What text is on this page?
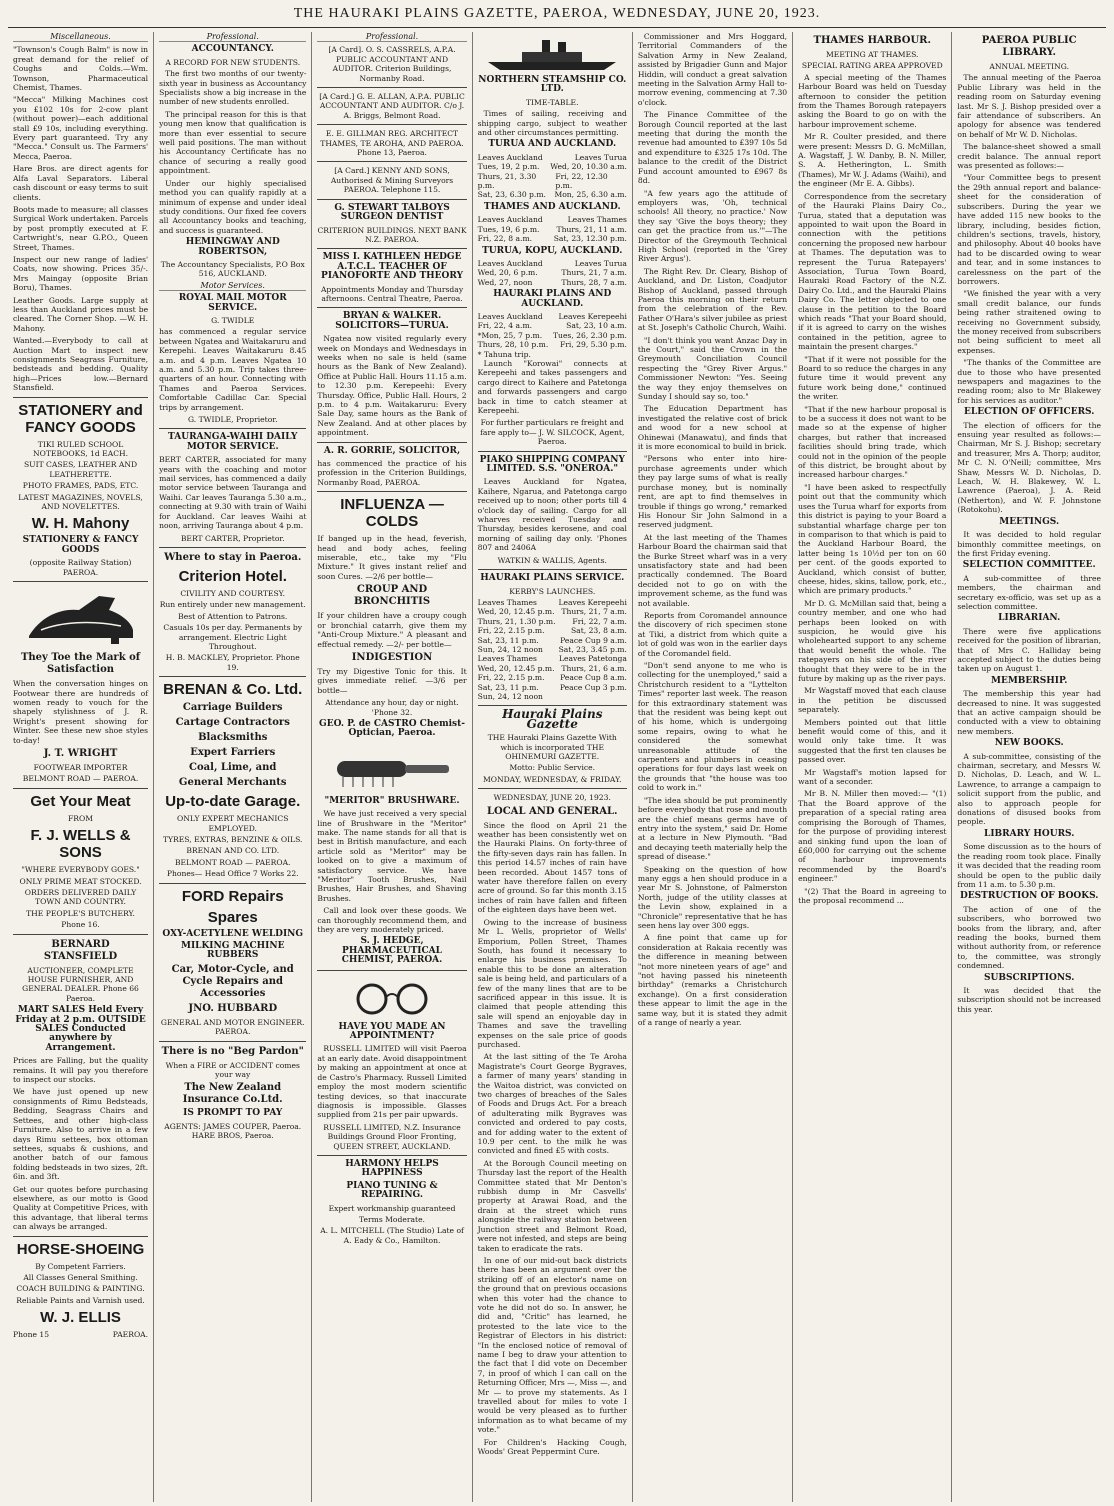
THE HAURAKI PLAINS GAZETTE, PAEROA, WEDNESDAY, JUNE 20, 1923.
Miscellaneous.

"Townson's Cough Balm" is now in great demand for the relief of Coughs and Colds.—Wm. Townson, Pharmaceutical Chemist, Thames.

"Mecca" Milking Machines cost you £102 10s for 2-cow plant (without power)—each additional stall £9 10s, including everything. Every part guaranteed. Try any "Mecca." Consult us. The Farmers' Mecca, Paeroa.

Hare Bros. are direct agents for Alfa Laval Separators. Liberal cash discount or easy terms to suit clients.

Boots made to measure; all classes Surgical Work undertaken. Parcels by post promptly executed at F. Cartwright's, near G.P.O., Queen Street, Thames.

Inspect our new range of ladies' Coats, now showing. Prices 35/-. Mrs Maingay (opposite Brian Boru), Thames.

Leather Goods. Large supply at less than Auckland prices must be cleared. The Corner Shop. —W. H. Mahony.

Wanted.—Everybody to call at Auction Mart to inspect new consignments Seagrass Furniture, bedsteads and bedding. Quality high—Prices low.—Bernard Stansfield.

STATIONERY and FANCY GOODS
TIKI RULED SCHOOL NOTEBOOKS, 1d EACH.
SUIT CASES, LEATHER AND LEATHERETTE.
PHOTO FRAMES, PADS, ETC.
LATEST MAGAZINES, NOVELS, AND NOVELETTES.
W. H. Mahony
STATIONERY & FANCY GOODS
(opposite Railway Station) PAEROA.
They Toe the Mark of Satisfaction

When the conversation hinges on Footwear there are hundreds of women ready to vouch for the shapely stylishness of J. R. Wright's present showing for Winter. See these new shoe styles to-day!

J. T. WRIGHT
FOOTWEAR IMPORTER
BELMONT ROAD — PAEROA.
Get Your Meat
FROM
F. J. WELLS & SONS
"WHERE EVERYBODY GOES."
ONLY PRIME MEAT STOCKED.
ORDERS DELIVERED DAILY TOWN AND COUNTRY.
THE PEOPLE'S BUTCHERY.
Phone 16.
BERNARD STANSFIELD
AUCTIONEER, COMPLETE HOUSE FURNISHER, AND GENERAL DEALER. Phone 66 Paeroa.
MART SALES Held Every Friday at 2 p.m. OUTSIDE SALES Conducted anywhere by Arrangement.

Prices are Falling, but the quality remains. It will pay you therefore to inspect our stocks.

We have just opened up new consignments of Rimu Bedsteads, Bedding, Seagrass Chairs and Settees, and other high-class Furniture. Also to arrive in a few days Rimu settees, box ottoman settees, squabs & cushions, and another batch of our famous folding bedsteads in two sizes, 2ft. 6in. and 3ft.

Get our quotes before purchasing elsewhere, as our motto is Good Quality at Competitive Prices, with this advantage, that liberal terms can always be arranged.

HORSE-SHOEING
By Competent Farriers.
All Classes General Smithing.
COACH BUILDING & PAINTING.
Reliable Paints and Varnish used.
W. J. ELLIS
Phone 15	PAEROA.
Professional.
ACCOUNTANCY.
A RECORD FOR NEW STUDENTS.

The first two months of our twenty-sixth year in business as Accountancy Specialists show a big increase in the number of new students enrolled.

The principal reason for this is that young men know that qualification is more than ever essential to secure well paid positions. The man without his Accountancy Certificate has no chance of securing a really good appointment.

Under our highly specialised method you can qualify rapidly at a minimum of expense and under ideal study conditions. Our fixed fee covers all Accountancy books and teaching, and success is guaranteed.

HEMINGWAY AND ROBERTSON,
The Accountancy Specialists, P.O Box 516, AUCKLAND.
Motor Services.
ROYAL MAIL MOTOR SERVICE.
G. TWIDLE

has commenced a regular service between Ngatea and Waitakaruru and Kerepehi. Leaves Waitakaruru 8.45 a.m. and 4 p.m. Leaves Ngatea 10 a.m. and 5.30 p.m. Trip takes three-quarters of an hour. Connecting with Thames and Paeroa Services. Comfortable Cadillac Car. Special trips by arrangement.

G. TWIDLE, Proprietor.
TAURANGA-WAIHI DAILY MOTOR SERVICE.

BERT CARTER, associated for many years with the coaching and motor mail services, has commenced a daily motor service between Tauranga and Waihi. Car leaves Tauranga 5.30 a.m., connecting at 9.30 with train of Waihi for Auckland. Car leaves Waihi at noon, arriving Tauranga about 4 p.m.

BERT CARTER, Proprietor.
Where to stay in Paeroa.
Criterion Hotel.
CIVILITY AND COURTESY.
Run entirely under new management.
Best of Attention to Patrons.
Casuals 10s per day. Permanents by arrangement. Electric Light Throughout.
H. B. MACKLEY, Proprietor. Phone 19.
BRENAN & Co. Ltd.
Carriage Builders
Cartage Contractors
Blacksmiths
Expert Farriers
Coal, Lime, and
General Merchants
Up-to-date Garage.
ONLY EXPERT MECHANICS EMPLOYED.
TYRES, EXTRAS, BENZINE & OILS.
BRENAN AND CO. LTD.
BELMONT ROAD — PAEROA.
Phones— Head Office 7 Works 22.
FORD Repairs
Spares
OXY-ACETYLENE WELDING
MILKING MACHINE RUBBERS
Car, Motor-Cycle, and Cycle Repairs and Accessories
JNO. HUBBARD
GENERAL AND MOTOR ENGINEER. PAEROA.
There is no "Beg Pardon"
When a FIRE or ACCIDENT comes your way
The New Zealand Insurance Co.Ltd.
IS PROMPT TO PAY
AGENTS: JAMES COUPER, Paeroa. HARE BROS, Paeroa.
Professional.
[A Card]. O. S. CASSRELS, A.P.A. PUBLIC ACCOUNTANT AND AUDITOR. Criterion Buildings, Normanby Road.
[A Card.] G. E. ALLAN, A.P.A. PUBLIC ACCOUNTANT AND AUDITOR. C/o J. A. Briggs, Belmont Road.
E. E. GILLMAN REG. ARCHITECT THAMES, TE AROHA, AND PAEROA. Phone 13, Paeroa.
[A Card.] KENNY AND SONS, Authorised & Mining Surveyors PAEROA. Telephone 115.
G. STEWART TALBOYS SURGEON DENTIST
CRITERION BUILDINGS. NEXT BANK N.Z. PAEROA.
MISS I. KATHLEEN HEDGE A.T.C.L. TEACHER OF PIANOFORTE AND THEORY
Appointments Monday and Thursday afternoons. Central Theatre, Paeroa.
BRYAN & WALKER. SOLICITORS—TURUA.

Ngatea now visited regularly every week on Mondays and Wednesdays in weeks when no sale is held (same hours as the Bank of New Zealand). Office at Public Hall. Hours 11.15 a.m. to 12.30 p.m. Kerepeehi: Every Thursday. Office, Public Hall. Hours, 2 p.m. to 4 p.m. Waitakaruru: Every Sale Day, same hours as the Bank of New Zealand. And at other places by appointment.

A. R. GORRIE, SOLICITOR,

has commenced the practice of his profession in the Criterion Buildings, Normanby Road, PAEROA.

INFLUENZA — COLDS

If banged up in the head, feverish, head and body aches, feeling miserable, etc., take my "Flu Mixture." It gives instant relief and soon Cures. —2/6 per bottle—

CROUP AND BRONCHITIS

If your children have a croupy cough or bronchial catarrh, give them my "Anti-Croup Mixture." A pleasant and effectual remedy. —2/- per bottle—

INDIGESTION

Try my Digestive Tonic for this. It gives immediate relief. —3/6 per bottle—

Attendance any hour, day or night. 'Phone 32.
GEO. P. de CASTRO Chemist-Optician, Paeroa.
"MERITOR" BRUSHWARE.

We have just received a very special line of Brushware in the "Meritor" make. The name stands for all that is best in British manufacture, and each article sold as "Meritor" may be looked on to give a maximum of satisfactory service. We have "Meritor" Tooth Brushes, Nail Brushes, Hair Brushes, and Shaving Brushes.

Call and look over these goods. We can thoroughly recommend them, and they are very moderately priced.

S. J. HEDGE, PHARMACEUTICAL CHEMIST, PAEROA.
HAVE YOU MADE AN APPOINTMENT?

RUSSELL LIMITED will visit Paeroa at an early date. Avoid disappointment by making an appointment at once at de Castro's Pharmacy. Russell Limited employ the most modern scientific testing devices, so that inaccurate diagnosis is impossible. Glasses supplied from 21s per pair upwards.

RUSSELL LIMITED, N.Z. Insurance Buildings Ground Floor Fronting, QUEEN STREET, AUCKLAND.
HARMONY HELPS HAPPINESS
PIANO TUNING & REPAIRING.
Expert workmanship guaranteed
Terms Moderate.
A. L. MITCHELL (The Studio) Late of A. Eady & Co., Hamilton.
NORTHERN STEAMSHIP CO. LTD.
TIME-TABLE.

Times of sailing, receiving and shipping cargo, subject to weather and other circumstances permitting.

TURUA AND AUCKLAND.
Leaves Auckland	Leaves Turua
Tues, 19, 2 p.m. Wed, 20, 10.30 a.m.
Thurs, 21, 3.30 p.m.
Fri, 22, 12.30 p.m.
Sat, 23, 6.30 p.m. Mon, 25, 6.30 a.m.
THAMES AND AUCKLAND.
Leaves Auckland	Leaves Thames
Tues, 19, 6 p.m. Thurs, 21, 11 a.m.
Fri, 22, 8 a.m.	Sat, 23, 12.30 p.m.
TURUA, KOPU, AUCKLAND.
Leaves Auckland	Leaves Turua
Wed, 20, 6 p.m.	Thurs, 21, 7 a.m.
Wed, 27, noon	Thurs, 28, 7 a.m.
HAURAKI PLAINS AND AUCKLAND.
Leaves Auckland Leaves Kerepeehi
Fri, 22, 4 a.m.	Sat, 23, 10 a.m.
*Mon, 25, 7 p.m. Tues, 26, 2.30 p.m.
Thurs, 28, 10 p.m. Fri, 29, 5.30 p.m.
* Tahuna trip.

Launch "Korowai" connects at Kerepeehi and takes passengers and cargo direct to Kaihere and Patetonga and forwards passengers and cargo back in time to catch steamer at Kerepeehi.

For further particulars re freight and fare apply to— J. W. SILCOCK, Agent, Paeroa.
PIAKO SHIPPING COMPANY LIMITED. S.S. "ONEROA."

Leaves Auckland for Ngatea, Kaihere, Ngarua, and Patetonga cargo received up to noon; other ports till 4 o'clock day of sailing. Cargo for all wharves received Tuesday and Thursday, besides kerosene, and coal morning of sailing day only. 'Phones 807 and 2406A

WATKIN & WALLIS, Agents.
HAURAKI PLAINS SERVICE.
KERBY'S LAUNCHES.
Leaves Thames	Leaves Kerepeehi
Wed, 20, 12.45 p.m. Thurs, 21, 7 a.m.
Thurs, 21, 1.30 p.m. Fri, 22, 7 a.m.
Fri, 22, 2.15 p.m.	Sat, 23, 8 a.m.
Sat, 23, 11 p.m.	Peace Cup 9 a.m.
Sun, 24, 12 noon Sat, 23, 3.45 p.m.
Leaves Thames	Leaves Patetonga
Wed, 20, 12.45 p.m. Thurs, 21, 6 a.m.
Fri, 22, 2.15 p.m. Peace Cup 8 a.m.
Sat, 23, 11 p.m.	Peace Cup 3 p.m.
Sun, 24, 12 noon
Hauraki Plains Gazette
THE Hauraki Plains Gazette With which is incorporated THE OHINEMURI GAZETTE.
Motto: Public Service.
MONDAY, WEDNESDAY, & FRIDAY.
WEDNESDAY, JUNE 20, 1923.
LOCAL AND GENERAL.

Since the flood on April 21 the weather has been consistently wet on the Hauraki Plains. On forty-three of the fifty-seven days rain has fallen. In this period 14.57 inches of rain have been recorded. About 1457 tons of water have therefore fallen on every acre of ground. So far this month 3.15 inches of rain have fallen and fifteen of the eighteen days have been wet.

Owing to the increase of business Mr L. Wells, proprietor of Wells' Emporium, Pollen Street, Thames South, has found it necessary to enlarge his business premises. To enable this to be done an alteration sale is being held, and particulars of a few of the many lines that are to be sacrificed appear in this issue. It is claimed that people attending this sale will spend an enjoyable day in Thames and save the travelling expenses on the sale price of goods purchased.

At the last sitting of the Te Aroha Magistrate's Court George Bygraves, a farmer of many years' standing in the Waitoa district, was convicted on two charges of breaches of the Sales of Foods and Drugs Act. For a breach of adulterating milk Bygraves was convicted and ordered to pay costs, and for adding water to the extent of 10.9 per cent. to the milk he was convicted and fined £5 with costs.

At the Borough Council meeting on Thursday last the report of the Health Committee stated that Mr Denton's rubbish dump in Mr Casvells' property at Arawai Road, and the drain at the street which runs alongside the railway station between Junction street and Belmont Road, were not infested, and steps are being taken to eradicate the rats.

In one of our mid-out back districts there has been an argument over the striking off of an elector's name on the ground that on previous occasions when this voter had the chance to vote he did not do so. In answer, he did and, "Critic" has learned, he protested to the late vice to the Registrar of Electors in his district: "In the enclosed notice of removal of name I beg to draw your attention to the fact that I did vote on December 7, in proof of which I can call on the Returning Officer, Mrs —, Miss —, and Mr — to prove my statements. As I travelled about for miles to vote I would be very pleased as to further information as to what became of my vote."

For Children's Hacking Cough, Woods' Great Peppermint Cure.

Commissioner and Mrs Hoggard, Territorial Commanders of the Salvation Army in New Zealand, assisted by Brigadier Gunn and Major Hiddin, will conduct a great salvation meeting in the Salvation Army Hall to-morrow evening, commencing at 7.30 o'clock.

The Finance Committee of the Borough Council reported at the last meeting that during the month the revenue had amounted to £397 10s 5d and expenditure to £325 17s 10d. The balance to the credit of the District Fund account amounted to £967 8s 8d.

"A few years ago the attitude of employers was, 'Oh, technical schools! All theory, no practice.' Now they say 'Give the boys theory; they can get the practice from us.'"—The Director of the Greymouth Technical High School (reported in the 'Grey River Argus').

The Right Rev. Dr. Cleary, Bishop of Auckland, and Dr. Liston, Coadjutor Bishop of Auckland, passed through Paeroa this morning on their return from the celebration of the Rev. Father O'Hara's silver jubilee as priest at St. Joseph's Catholic Church, Waihi.

"I don't think you want Anzac Day in the Court," said the Crown in the Greymouth Conciliation Council respecting the "Grey River Argus." Commissioner Newton: "Yes. Seeing the way they enjoy themselves on Sunday I should say so, too."

The Education Department has investigated the relative cost of brick and wood for a new school at Ohinewai (Manawatu), and finds that it is more economical to build in brick.

"Persons who enter into hire-purchase agreements under which they pay large sums of what is really purchase money, but is nominally rent, are apt to find themselves in trouble if things go wrong," remarked His Honour Sir John Salmond in a reserved judgment.

At the last meeting of the Thames Harbour Board the chairman said that the Burke Street wharf was in a very unsatisfactory state and had been practically condemned. The Board decided not to go on with the improvement scheme, as the fund was not available.

Reports from Coromandel announce the discovery of rich specimen stone at Tiki, a district from which quite a lot of gold was won in the earlier days of the Coromandel field.

"Don't send anyone to me who is collecting for the unemployed," said a Christchurch resident to a "Lyttelton Times" reporter last week. The reason for this extraordinary statement was that the resident was being kept out of his home, which is undergoing some repairs, owing to what he considered the somewhat unreasonable attitude of the carpenters and plumbers in ceasing operations for four days last week on the grounds that "the house was too cold to work in."

"The idea should be put prominently before everybody that rose and mouth are the chief means germs have of entry into the system," said Dr. Home at a lecture in New Plymouth. "Bad and decaying teeth materially help the spread of disease."

Speaking on the question of how many eggs a hen should produce in a year Mr S. Johnstone, of Palmerston North, judge of the utility classes at the Levin show, explained in a "Chronicle" representative that he has seen hens lay over 300 eggs.

A fine point that came up for consideration at Rakaia recently was the difference in meaning between "not more nineteen years of age" and "not having passed his nineteenth birthday" (remarks a Christchurch exchange). On a first consideration these appear to limit the age in the same way, but it is stated they admit of a range of nearly a year.

THAMES HARBOUR.
MEETING AT THAMES.
SPECIAL RATING AREA APPROVED

A special meeting of the Thames Harbour Board was held on Tuesday afternoon to consider the petition from the Thames Borough ratepayers asking the Board to go on with the harbour improvement scheme.

Mr R. Coulter presided, and there were present: Messrs D. G. McMillan, A. Wagstaff, J. W. Danby, B. N. Miller, S. A. Hetherington, L. Smith (Thames), Mr W. J. Adams (Waihi), and the engineer (Mr E. A. Gibbs).

Correspondence from the secretary of the Hauraki Plains Dairy Co., Turua, stated that a deputation was appointed to wait upon the Board in connection with the petitions concerning the proposed new harbour at Thames. The deputation was to represent the Turua Ratepayers' Association, Turua Town Board, Hauraki Road Factory of the N.Z. Dairy Co. Ltd., and the Hauraki Plains Dairy Co. The letter objected to one clause in the petition to the Board which reads "That your Board should, if it is agreed to carry on the wishes contained in the petition, agree to maintain the present charges."

"That if it were not possible for the Board to so reduce the charges in any future time it would prevent any future work being done," continued the writer.

"That if the new harbour proposal is to be a success it does not want to be made so at the expense of higher charges, but rather that increased facilities should bring trade, which could not in the opinion of the people of this district, be brought about by increased harbour charges."

"I have been asked to respectfully point out that the community which uses the Turua wharf for exports from this district is paying to your Board a substantial wharfage charge per ton in comparison to that which is paid to the Auckland Harbour Board, the latter being 1s 10½d per ton on 60 per cent. of the goods exported to Auckland, which consist of butter, cheese, hides, skins, tallow, pork, etc., which are primary products."

Mr D. G. McMillan said that, being a country member, and one who had perhaps been looked on with suspicion, he would give his wholehearted support to any scheme that would benefit the whole. The ratepayers on his side of the river thought that they were to be in the future by making up as the river pays.

Mr Wagstaff moved that each clause in the petition be discussed separately.

Members pointed out that little benefit would come of this, and it would only take time. It was suggested that the first ten clauses be passed over.

Mr Wagstaff's motion lapsed for want of a seconder.

Mr B. N. Miller then moved:— "(1) That the Board approve of the preparation of a special rating area comprising the Borough of Thames, for the purpose of providing interest and sinking fund upon the loan of £60,000 for carrying out the scheme of harbour improvements recommended by the Board's engineer."

"(2) That the Board in agreeing to the proposal recommend ...

PAEROA PUBLIC LIBRARY.
ANNUAL MEETING.

The annual meeting of the Paeroa Public Library was held in the reading room on Saturday evening last. Mr S. J. Bishop presided over a fair attendance of subscribers. An apology for absence was tendered on behalf of Mr W. D. Nicholas.

The balance-sheet showed a small credit balance. The annual report was presented as follows:—

"Your Committee begs to present the 29th annual report and balance-sheet for the consideration of subscribers. During the year we have added 115 new books to the library, including, besides fiction, children's sections, travels, history, and philosophy. About 40 books have had to be discarded owing to wear and tear, and in some instances to carelessness on the part of the borrowers.

"We finished the year with a very small credit balance, our funds being rather straitened owing to receiving no Government subsidy, the money received from subscribers not being sufficient to meet all expenses.

"The thanks of the Committee are due to those who have presented newspapers and magazines to the reading room; also to Mr Blakewey for his services as auditor."

ELECTION OF OFFICERS.

The election of officers for the ensuing year resulted as follows:—Chairman, Mr S. J. Bishop; secretary and treasurer, Mrs A. Thorp; auditor, Mr C. N. O'Neill; committee, Mrs Shaw, Messrs W. D. Nicholas, D. Leach, W. H. Blakewey, W. L. Lawrence (Paeroa), J. A. Reid (Netherton), and W. F. Johnstone (Rotokohu).

MEETINGS.

It was decided to hold regular bimonthly committee meetings, on the first Friday evening.

SELECTION COMMITTEE.

A sub-committee of three members, the chairman and secretary ex-officio, was set up as a selection committee.

LIBRARIAN.

There were five applications received for the position of librarian, that of Mrs C. Halliday being accepted subject to the duties being taken up on August 1.

MEMBERSHIP.

The membership this year had decreased to nine. It was suggested that an active campaign should be conducted with a view to obtaining new members.

NEW BOOKS.

A sub-committee, consisting of the chairman, secretary, and Messrs W. D. Nicholas, D. Leach, and W. L. Lawrence, to arrange a campaign to solicit support from the public, and also to approach people for donations of disused books from people.

LIBRARY HOURS.

Some discussion as to the hours of the reading room took place. Finally it was decided that the reading room should be open to the public daily from 11 a.m. to 5.30 p.m.

DESTRUCTION OF BOOKS.

The action of one of the subscribers, who borrowed two books from the library, and, after reading the books, burned them without authority from, or reference to, the committee, was strongly condemned.

SUBSCRIPTIONS.

It was decided that the subscription should not be increased this year.
